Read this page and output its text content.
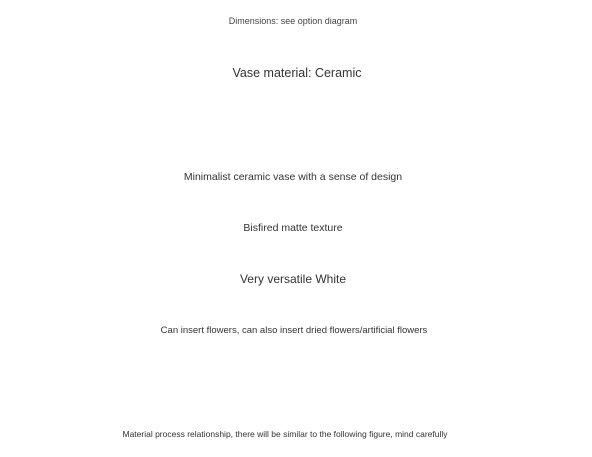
Dimensions: see option diagram
Vase material: Ceramic
Minimalist ceramic vase with a sense of design
Bisfired matte texture
Very versatile White
Can insert flowers, can also insert dried flowers/artificial flowers
Material process relationship, there will be similar to the following figure, mind carefully
